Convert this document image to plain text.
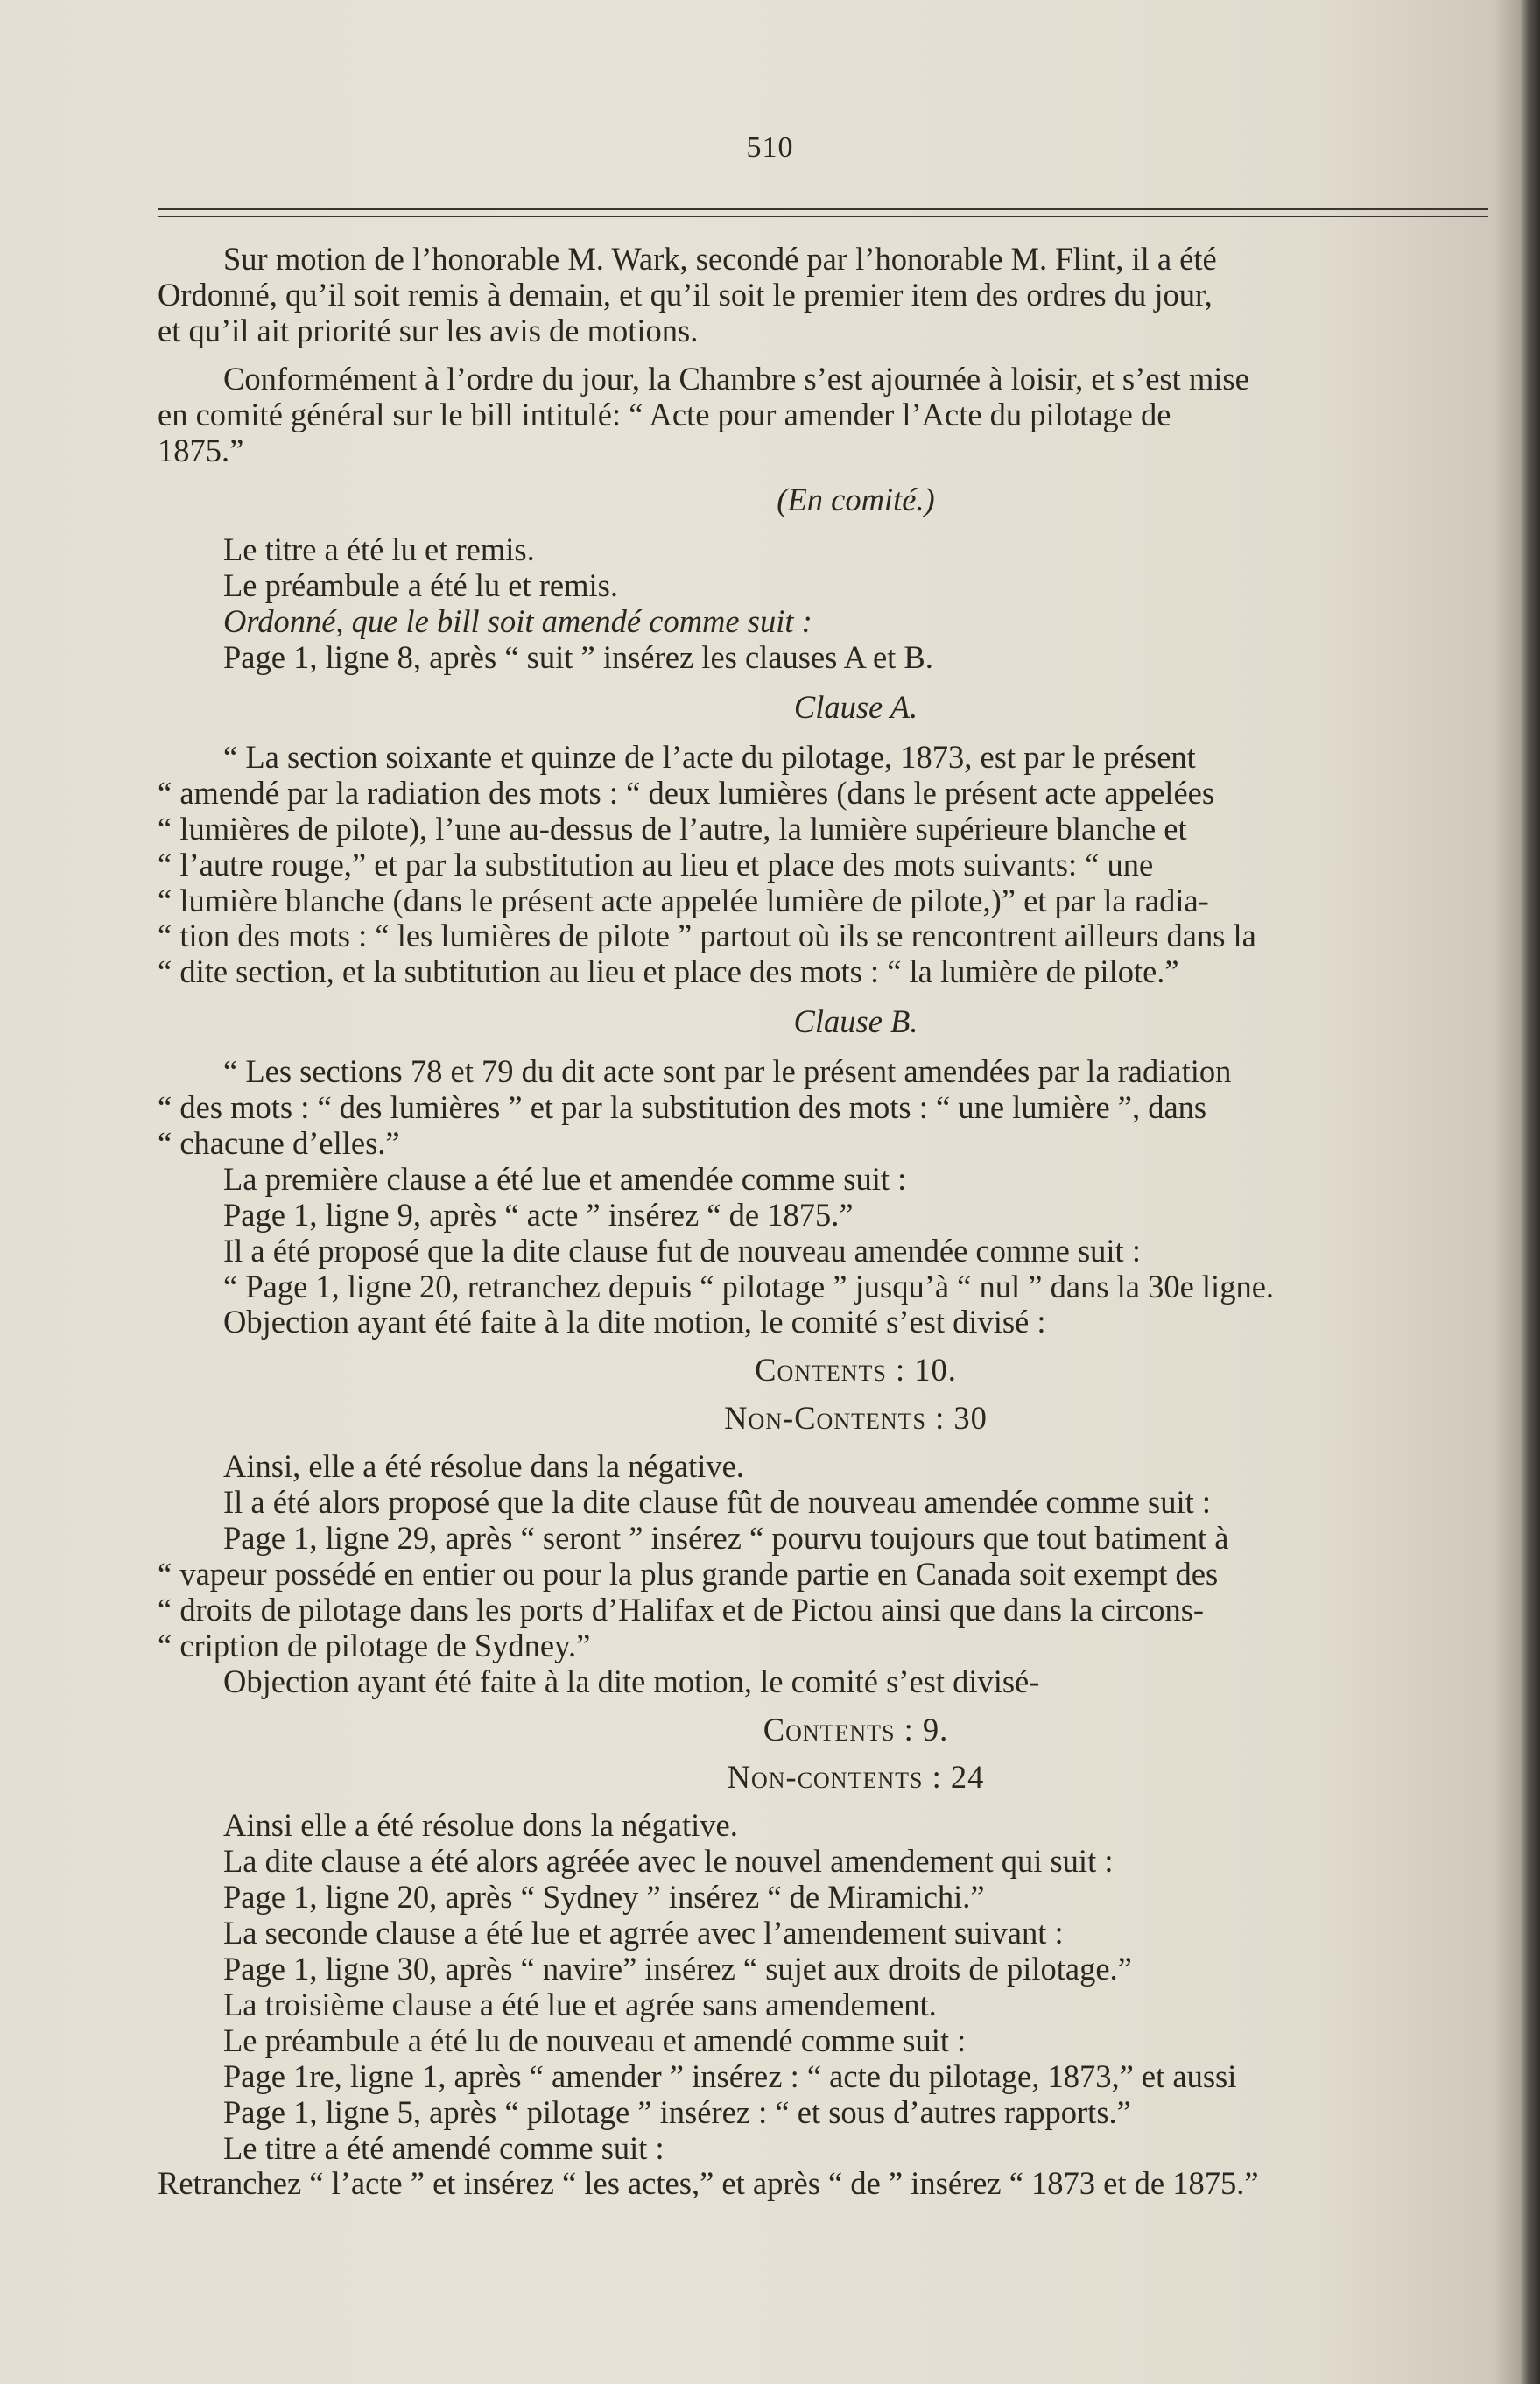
510
Sur motion de l’honorable M. Wark, secondé par l’honorable M. Flint, il a été
Ordonné, qu’il soit remis à demain, et qu’il soit le premier item des ordres du jour,
et qu’il ait priorité sur les avis de motions.
Conformément à l’ordre du jour, la Chambre s’est ajournée à loisir, et s’est mise
en comité général sur le bill intitulé: “ Acte pour amender l’Acte du pilotage de
1875.”
(En comité.)
Le titre a été lu et remis.
Le préambule a été lu et remis.
Ordonné, que le bill soit amendé comme suit :
Page 1, ligne 8, après “ suit ” insérez les clauses A et B.
Clause A.
“ La section soixante et quinze de l’acte du pilotage, 1873, est par le présent
“ amendé par la radiation des mots : “ deux lumières (dans le présent acte appelées
“ lumières de pilote), l’une au-dessus de l’autre, la lumière supérieure blanche et
“ l’autre rouge,” et par la substitution au lieu et place des mots suivants: “ une
“ lumière blanche (dans le présent acte appelée lumière de pilote,)” et par la radia-
“ tion des mots : “ les lumières de pilote ” partout où ils se rencontrent ailleurs dans la
“ dite section, et la subtitution au lieu et place des mots : “ la lumière de pilote.”
Clause B.
“ Les sections 78 et 79 du dit acte sont par le présent amendées par la radiation
“ des mots : “ des lumières ” et par la substitution des mots : “ une lumière ”, dans
“ chacune d’elles.”
La première clause a été lue et amendée comme suit :
Page 1, ligne 9, après “ acte ” insérez “ de 1875.”
Il a été proposé que la dite clause fut de nouveau amendée comme suit :
“ Page 1, ligne 20, retranchez depuis “ pilotage ” jusqu’à “ nul ” dans la 30e ligne.
Objection ayant été faite à la dite motion, le comité s’est divisé :
Contents : 10.
Non-Contents : 30
Ainsi, elle a été résolue dans la négative.
Il a été alors proposé que la dite clause fût de nouveau amendée comme suit :
Page 1, ligne 29, après “ seront ” insérez “ pourvu toujours que tout batiment à
“ vapeur possédé en entier ou pour la plus grande partie en Canada soit exempt des
“ droits de pilotage dans les ports d’Halifax et de Pictou ainsi que dans la circons-
“ cription de pilotage de Sydney.”
Objection ayant été faite à la dite motion, le comité s’est divisé-
Contents : 9.
Non-contents : 24
Ainsi elle a été résolue dons la négative.
La dite clause a été alors agréée avec le nouvel amendement qui suit :
Page 1, ligne 20, après “ Sydney ” insérez “ de Miramichi.”
La seconde clause a été lue et agrrée avec l’amendement suivant :
Page 1, ligne 30, après “ navire” insérez “ sujet aux droits de pilotage.”
La troisième clause a été lue et agrée sans amendement.
Le préambule a été lu de nouveau et amendé comme suit :
Page 1re, ligne 1, après “ amender ” insérez : “ acte du pilotage, 1873,” et aussi
Page 1, ligne 5, après “ pilotage ” insérez : “ et sous d’autres rapports.”
Le titre a été amendé comme suit :
Retranchez “ l’acte ” et insérez “ les actes,” et après “ de ” insérez “ 1873 et de 1875.”
